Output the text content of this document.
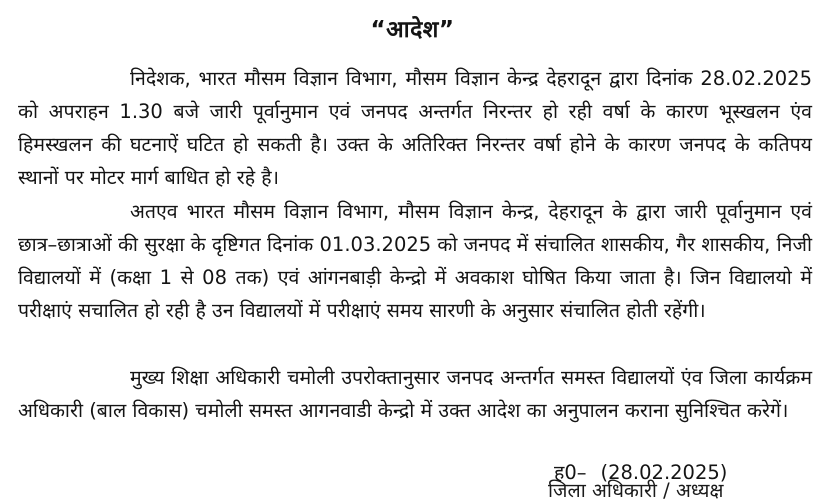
“आदेश”

निदेशक, भारत मौसम विज्ञान विभाग, मौसम विज्ञान केन्द्र देहरादून द्वारा दिनांक 28.02.2025 को अपराहन 1.30 बजे जारी पूर्वानुमान एवं जनपद अन्तर्गत निरन्तर हो रही वर्षा के कारण भूस्खलन एंव हिमस्खलन की घटनाऐं घटित हो सकती है। उक्त के अतिरिक्त निरन्तर वर्षा होने के कारण जनपद के कतिपय स्थानों पर मोटर मार्ग बाधित हो रहे है।

अतएव भारत मौसम विज्ञान विभाग, मौसम विज्ञान केन्द्र, देहरादून के द्वारा जारी पूर्वानुमान एवं छात्र–छात्राओं की सुरक्षा के दृष्टिगत दिनांक 01.03.2025 को जनपद में संचालित शासकीय, गैर शासकीय, निजी विद्यालयों में (कक्षा 1 से 08 तक) एवं आंगनबाड़ी केन्द्रो में अवकाश घोषित किया जाता है। जिन विद्यालयो में परीक्षाएं सचालित हो रही है उन विद्यालयों में परीक्षाएं समय सारणी के अनुसार संचालित होती रहेंगी।

मुख्य शिक्षा अधिकारी चमोली उपरोक्तानुसार जनपद अन्तर्गत समस्त विद्यालयों एंव जिला कार्यक्रम अधिकारी (बाल विकास) चमोली समस्त आगनवाडी केन्द्रो में उक्त आदेश का अनुपालन कराना सुनिश्चित करेगें।

ह0– (28.02.2025)
जिला अधिकारी / अध्यक्ष
